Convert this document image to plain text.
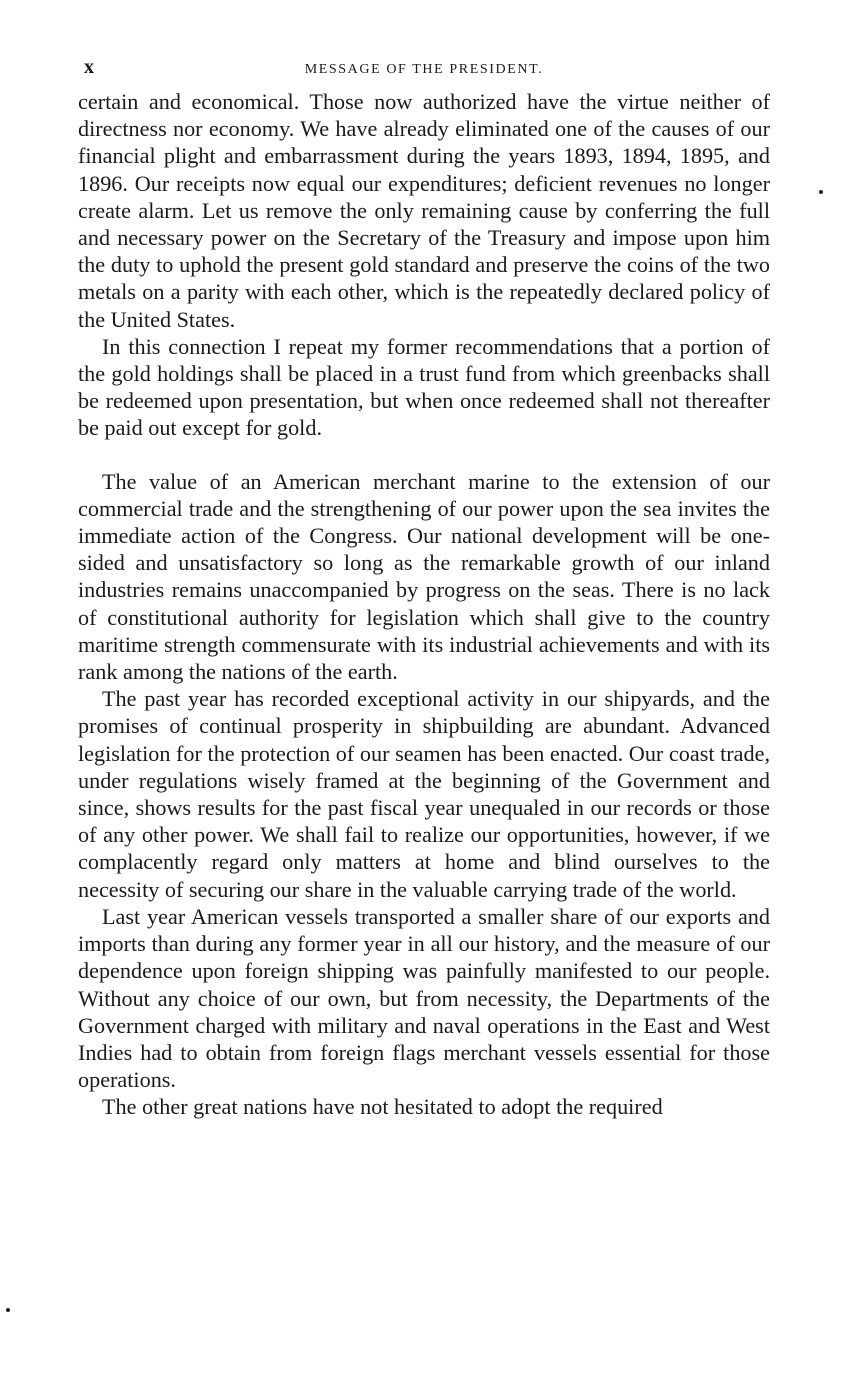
x	MESSAGE OF THE PRESIDENT.

certain and economical. Those now authorized have the virtue neither of directness nor economy. We have already eliminated one of the causes of our financial plight and embarrassment during the years 1893, 1894, 1895, and 1896. Our receipts now equal our expenditures; deficient revenues no longer create alarm. Let us remove the only remaining cause by conferring the full and necessary power on the Secretary of the Treasury and impose upon him the duty to uphold the present gold standard and preserve the coins of the two metals on a parity with each other, which is the repeatedly declared policy of the United States.

In this connection I repeat my former recommendations that a portion of the gold holdings shall be placed in a trust fund from which greenbacks shall be redeemed upon presentation, but when once redeemed shall not thereafter be paid out except for gold.

The value of an American merchant marine to the extension of our commercial trade and the strengthening of our power upon the sea invites the immediate action of the Congress. Our national development will be one-sided and unsatisfactory so long as the remarkable growth of our inland industries remains unaccompanied by progress on the seas. There is no lack of constitutional authority for legislation which shall give to the country maritime strength commensurate with its industrial achievements and with its rank among the nations of the earth.

The past year has recorded exceptional activity in our shipyards, and the promises of continual prosperity in shipbuilding are abundant. Advanced legislation for the protection of our seamen has been enacted. Our coast trade, under regulations wisely framed at the beginning of the Government and since, shows results for the past fiscal year unequaled in our records or those of any other power. We shall fail to realize our opportunities, however, if we complacently regard only matters at home and blind ourselves to the necessity of securing our share in the valuable carrying trade of the world.

Last year American vessels transported a smaller share of our exports and imports than during any former year in all our history, and the measure of our dependence upon foreign shipping was painfully manifested to our people. Without any choice of our own, but from necessity, the Departments of the Government charged with military and naval operations in the East and West Indies had to obtain from foreign flags merchant vessels essential for those operations.

The other great nations have not hesitated to adopt the required
